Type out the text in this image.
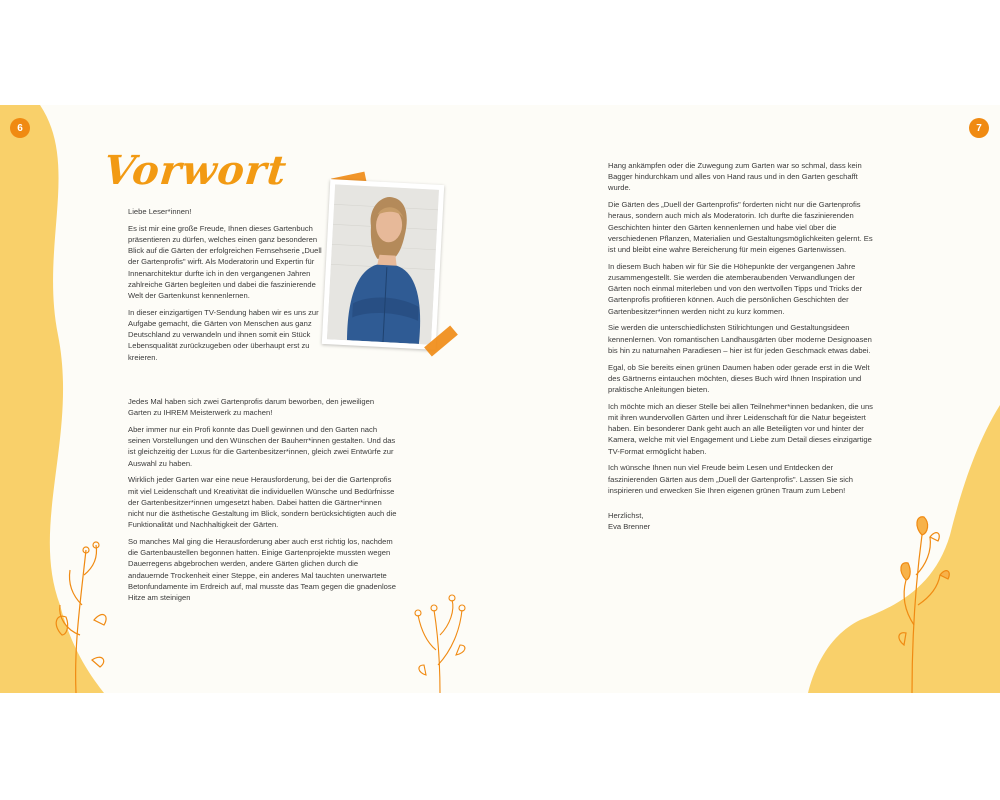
6	7
Vorwort

Liebe Leser*innen!

Es ist mir eine große Freude, Ihnen dieses Gartenbuch präsentieren zu dürfen, welches einen ganz besonderen Blick auf die Gärten der erfolgreichen Fernsehserie „Duell der Gartenprofis" wirft. Als Moderatorin und Expertin für Innenarchitektur durfte ich in den vergangenen Jahren zahlreiche Gärten begleiten und dabei die faszinierende Welt der Gartenkunst kennenlernen.

In dieser einzigartigen TV-Sendung haben wir es uns zur Aufgabe gemacht, die Gärten von Menschen aus ganz Deutschland zu verwandeln und ihnen somit ein Stück Lebensqualität zurückzugeben oder überhaupt erst zu kreieren.

Jedes Mal haben sich zwei Gartenprofis darum beworben, den jeweiligen Garten zu IHREM Meisterwerk zu machen!

Aber immer nur ein Profi konnte das Duell gewinnen und den Garten nach seinen Vorstellungen und den Wünschen der Bauherr*innen gestalten. Und das ist gleichzeitig der Luxus für die Gartenbesitzer*innen, gleich zwei Entwürfe zur Auswahl zu haben.

Wirklich jeder Garten war eine neue Herausforderung, bei der die Gartenprofis mit viel Leidenschaft und Kreativität die individuellen Wünsche und Bedürfnisse der Gartenbesitzer*innen umgesetzt haben. Dabei hatten die Gärtner*innen nicht nur die ästhetische Gestaltung im Blick, sondern berücksichtigten auch die Funktionalität und Nachhaltigkeit der Gärten.

So manches Mal ging die Herausforderung aber auch erst richtig los, nachdem die Gartenbaustellen begonnen hatten. Einige Gartenprojekte mussten wegen Dauerregens abgebrochen werden, andere Gärten glichen durch die andauernde Trockenheit einer Steppe, ein anderes Mal tauchten unerwartete Betonfundamente im Erdreich auf, mal musste das Team gegen die gnadenlose Hitze am steinigen

Hang ankämpfen oder die Zuwegung zum Garten war so schmal, dass kein Bagger hindurchkam und alles von Hand raus und in den Garten geschafft wurde.

Die Gärten des „Duell der Gartenprofis" forderten nicht nur die Gartenprofis heraus, sondern auch mich als Moderatorin. Ich durfte die faszinierenden Geschichten hinter den Gärten kennenlernen und habe viel über die verschiedenen Pflanzen, Materialien und Gestaltungsmöglichkeiten gelernt. Es ist und bleibt eine wahre Bereicherung für mein eigenes Gartenwissen.

In diesem Buch haben wir für Sie die Höhepunkte der vergangenen Jahre zusammengestellt. Sie werden die atemberaubenden Verwandlungen der Gärten noch einmal miterleben und von den wertvollen Tipps und Tricks der Gartenprofis profitieren können. Auch die persönlichen Geschichten der Gartenbesitzer*innen werden nicht zu kurz kommen.

Sie werden die unterschiedlichsten Stilrichtungen und Gestaltungsideen kennenlernen. Von romantischen Landhausgärten über moderne Designoasen bis hin zu naturnahen Paradiesen – hier ist für jeden Geschmack etwas dabei.

Egal, ob Sie bereits einen grünen Daumen haben oder gerade erst in die Welt des Gärtnerns eintauchen möchten, dieses Buch wird Ihnen Inspiration und praktische Anleitungen bieten.

Ich möchte mich an dieser Stelle bei allen Teilnehmer*innen bedanken, die uns mit ihren wundervollen Gärten und ihrer Leidenschaft für die Natur begeistert haben. Ein besonderer Dank geht auch an alle Beteiligten vor und hinter der Kamera, welche mit viel Engagement und Liebe zum Detail dieses einzigartige TV-Format ermöglicht haben.

Ich wünsche Ihnen nun viel Freude beim Lesen und Entdecken der faszinierenden Gärten aus dem „Duell der Gartenprofis". Lassen Sie sich inspirieren und erwecken Sie Ihren eigenen grünen Traum zum Leben!

Herzlichst,

Eva Brenner
